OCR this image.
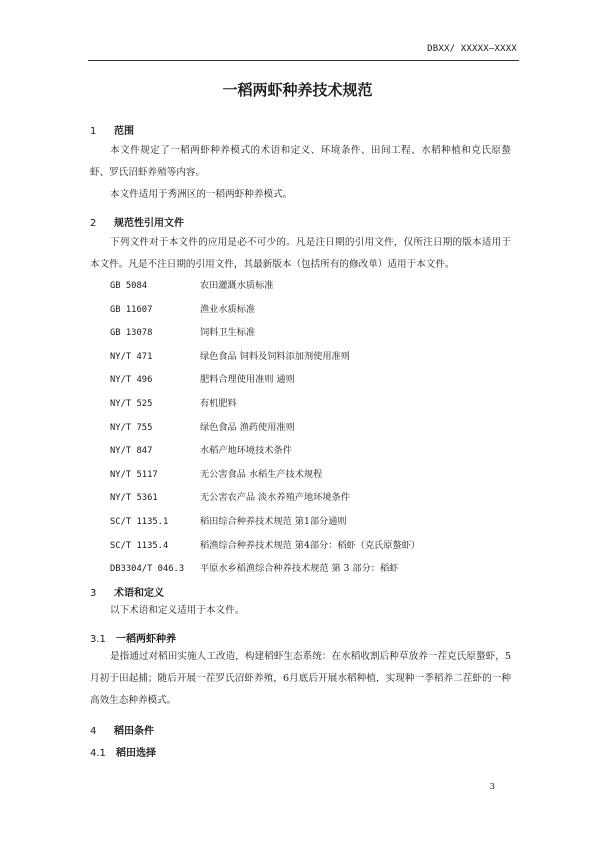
DBXX/ XXXXX—XXXX
一稻两虾种养技术规范
1 范围
本文件规定了一稻两虾种养模式的术语和定义、环境条件、田间工程、水稻种植和克氏原螯虾、罗氏沼虾养殖等内容。
本文件适用于秀洲区的一稻两虾种养模式。
2 规范性引用文件
下列文件对于本文件的应用是必不可少的。凡是注日期的引用文件，仅所注日期的版本适用于本文件。凡是不注日期的引用文件，其最新版本（包括所有的修改单）适用于本文件。
GB 5084	农田灌溉水质标准
GB 11607	渔业水质标准
GB 13078	饲料卫生标准
NY/T 471	绿色食品 饲料及饲料添加剂使用准则
NY/T 496	肥料合理使用准则 通则
NY/T 525	有机肥料
NY/T 755	绿色食品 渔药使用准则
NY/T 847	水稻产地环境技术条件
NY/T 5117	无公害食品 水稻生产技术规程
NY/T 5361	无公害农产品 淡水养殖产地环境条件
SC/T 1135.1	稻田综合种养技术规范 第1部分通则
SC/T 1135.4	稻渔综合种养技术规范 第4部分：稻虾（克氏原螯虾）
DB3304/T 046.3 平原水乡稻渔综合种养技术规范 第 3 部分：稻虾
3 术语和定义
以下术语和定义适用于本文件。
3.1 一稻两虾种养
是指通过对稻田实施人工改造，构建稻虾生态系统：在水稻收割后种草放养一茬克氏原螯虾，5月初于田起捕；随后开展一茬罗氏沼虾养殖，6月底后开展水稻种植，实现种一季稻养二茬虾的一种高效生态种养模式。
4 稻田条件
4.1 稻田选择
3
